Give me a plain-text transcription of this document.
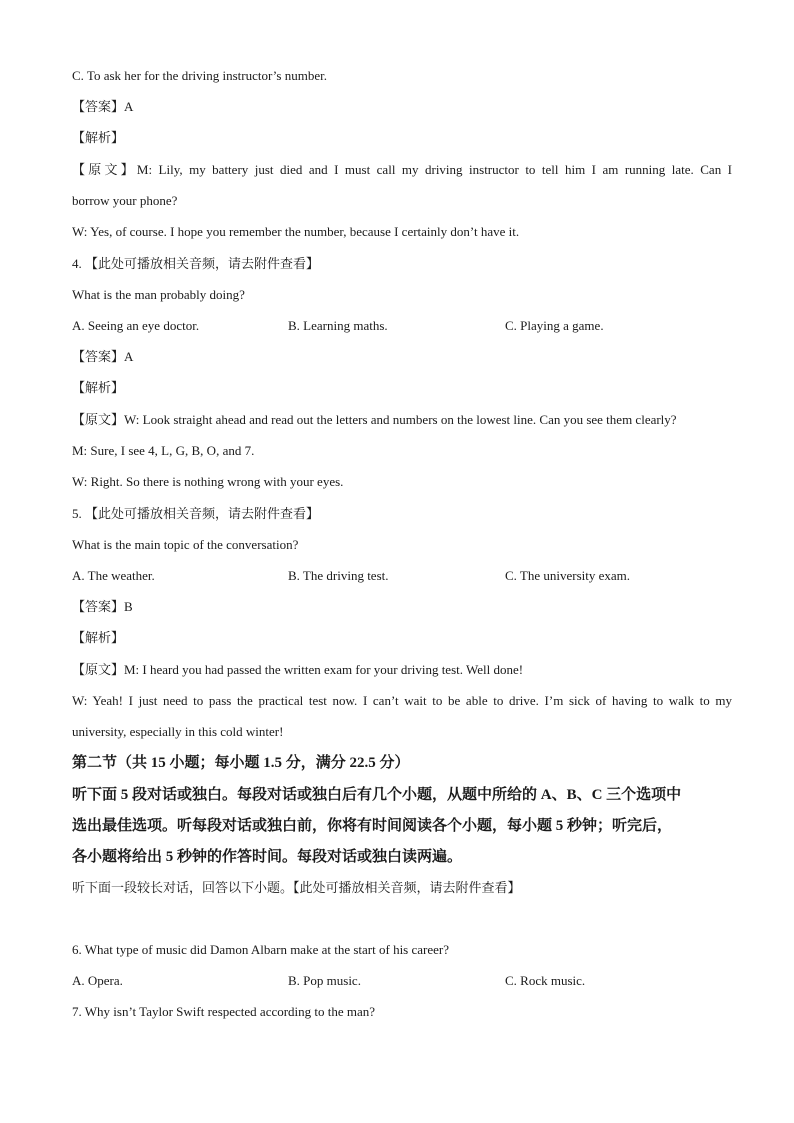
C. To ask her for the driving instructor’s number.
【答案】A
【解析】
【原文】M: Lily, my battery just died and I must call my driving instructor to tell him I am running late. Can I
borrow your phone?
W: Yes, of course. I hope you remember the number, because I certainly don’t have it.
4. 【此处可播放相关音频，请去附件查看】
What is the man probably doing?
A. Seeing an eye doctor.	B. Learning maths.	C. Playing a game.
【答案】A
【解析】
【原文】W: Look straight ahead and read out the letters and numbers on the lowest line. Can you see them clearly?
M: Sure, I see 4, L, G, B, O, and 7.
W: Right. So there is nothing wrong with your eyes.
5. 【此处可播放相关音频，请去附件查看】
What is the main topic of the conversation?
A. The weather.	B. The driving test.	C. The university exam.
【答案】B
【解析】
【原文】M: I heard you had passed the written exam for your driving test. Well done!
W: Yeah! I just need to pass the practical test now. I can’t wait to be able to drive. I’m sick of having to walk to my
university, especially in this cold winter!
第二节（共 15 小题；每小题 1.5 分，满分 22.5 分）
听下面 5 段对话或独白。每段对话或独白后有几个小题，从题中所给的 A、B、C 三个选项中
选出最佳选项。听每段对话或独白前，你将有时间阅读各个小题，每小题 5 秒钟；听完后，
各小题将给出 5 秒钟的作答时间。每段对话或独白读两遍。
听下面一段较长对话，回答以下小题。【此处可播放相关音频，请去附件查看】
6. What type of music did Damon Albarn make at the start of his career?
A. Opera.	B. Pop music.	C. Rock music.
7. Why isn’t Taylor Swift respected according to the man?
